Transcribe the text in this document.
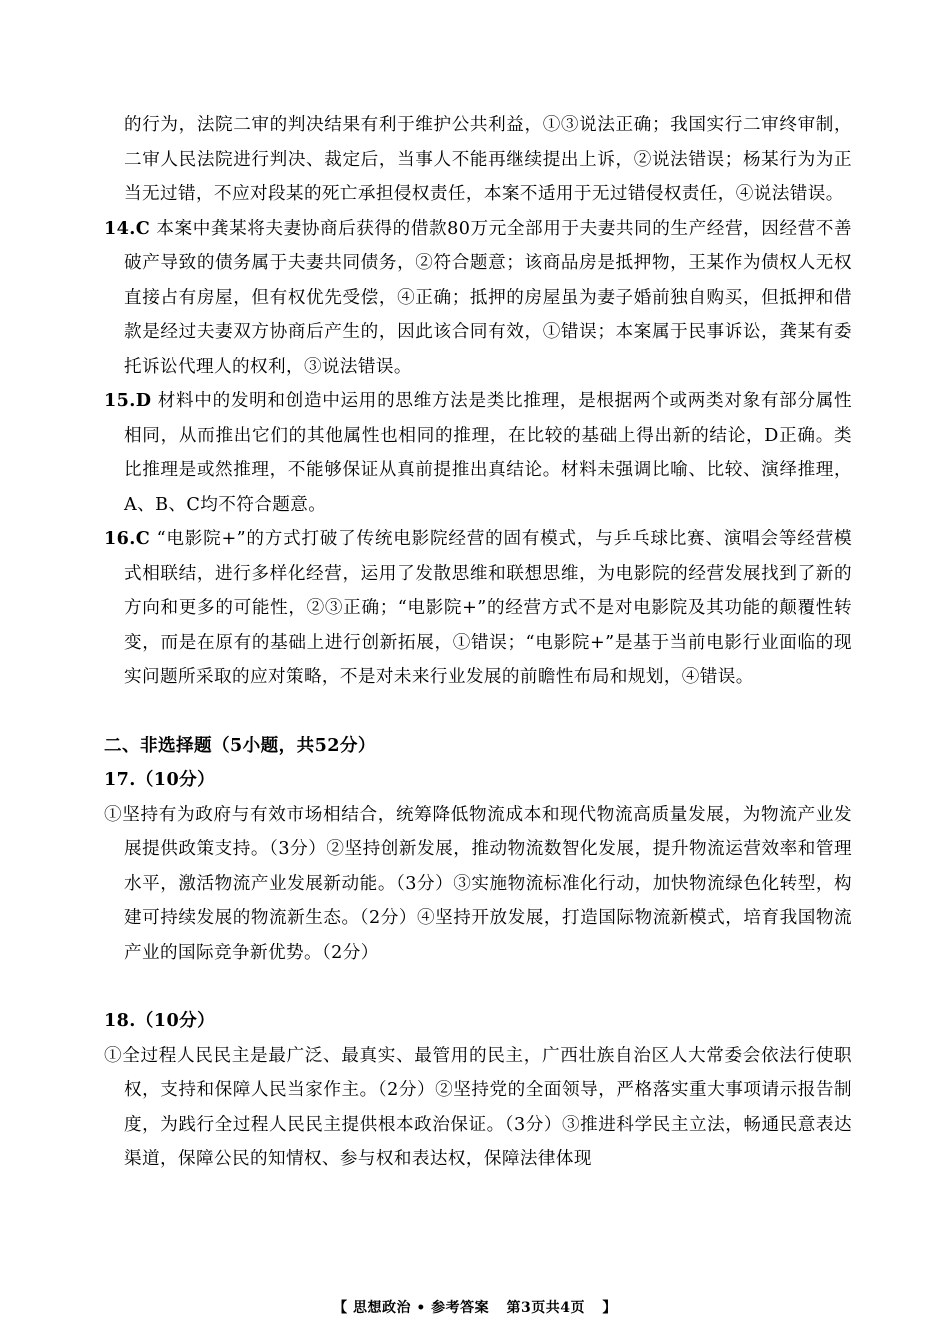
的行为，法院二审的判决结果有利于维护公共利益，①③说法正确；我国实行二审终审制，二审人民法院进行判决、裁定后，当事人不能再继续提出上诉，②说法错误；杨某行为为正当无过错，不应对段某的死亡承担侵权责任，本案不适用于无过错侵权责任，④说法错误。

14.C 本案中龚某将夫妻协商后获得的借款80万元全部用于夫妻共同的生产经营，因经营不善破产导致的债务属于夫妻共同债务，②符合题意；该商品房是抵押物，王某作为债权人无权直接占有房屋，但有权优先受偿，④正确；抵押的房屋虽为妻子婚前独自购买，但抵押和借款是经过夫妻双方协商后产生的，因此该合同有效，①错误；本案属于民事诉讼，龚某有委托诉讼代理人的权利，③说法错误。

15.D 材料中的发明和创造中运用的思维方法是类比推理，是根据两个或两类对象有部分属性相同，从而推出它们的其他属性也相同的推理，在比较的基础上得出新的结论，D正确。类比推理是或然推理，不能够保证从真前提推出真结论。材料未强调比喻、比较、演绎推理，A、B、C均不符合题意。

16.C “电影院+”的方式打破了传统电影院经营的固有模式，与乒乓球比赛、演唱会等经营模式相联结，进行多样化经营，运用了发散思维和联想思维，为电影院的经营发展找到了新的方向和更多的可能性，②③正确；“电影院+”的经营方式不是对电影院及其功能的颠覆性转变，而是在原有的基础上进行创新拓展，①错误；“电影院+”是基于当前电影行业面临的现实问题所采取的应对策略，不是对未来行业发展的前瞻性布局和规划，④错误。

二、非选择题（5小题，共52分）

17.（10分）

①坚持有为政府与有效市场相结合，统筹降低物流成本和现代物流高质量发展，为物流产业发展提供政策支持。（3分）②坚持创新发展，推动物流数智化发展，提升物流运营效率和管理水平，激活物流产业发展新动能。（3分）③实施物流标准化行动，加快物流绿色化转型，构建可持续发展的物流新生态。（2分）④坚持开放发展，打造国际物流新模式，培育我国物流产业的国际竞争新优势。（2分）

18.（10分）

①全过程人民民主是最广泛、最真实、最管用的民主，广西壮族自治区人大常委会依法行使职权，支持和保障人民当家作主。（2分）②坚持党的全面领导，严格落实重大事项请示报告制度，为践行全过程人民民主提供根本政治保证。（3分）③推进科学民主立法，畅通民意表达渠道，保障公民的知情权、参与权和表达权，保障法律体现

【 思想政治 • 参考答案 第3页共4页 】
